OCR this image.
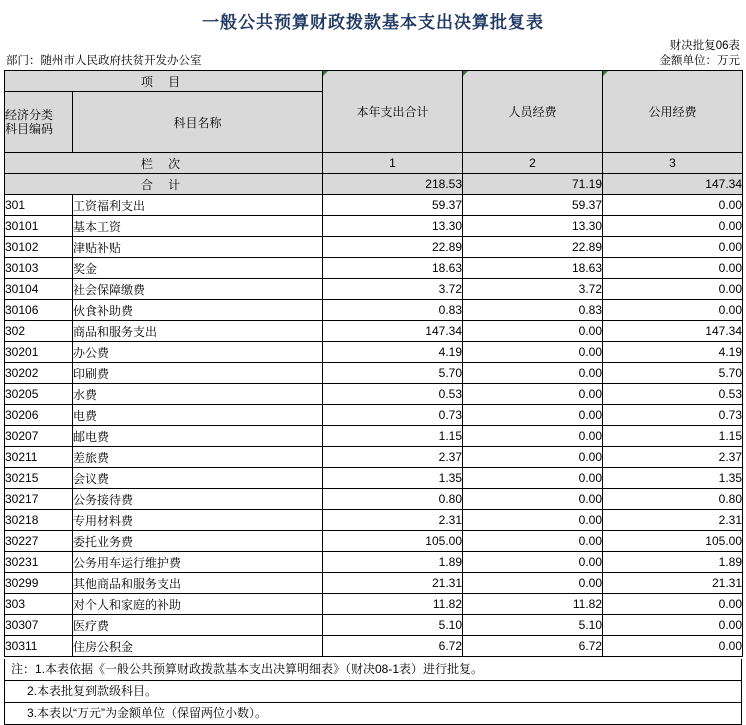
一般公共预算财政拨款基本支出决算批复表
财决批复06表
金额单位：万元
部门：随州市人民政府扶贫开发办公室
项 目		本年支出合计	人员经费	公用经费

经济分类
科目编码	科目名称			
栏 次		1	2	3
合 计		218.53	71.19	147.34
301	工资福利支出	59.37	59.37	0.00
30101	基本工资	13.30	13.30	0.00
30102	津贴补贴	22.89	22.89	0.00
30103	奖金	18.63	18.63	0.00
30104	社会保障缴费	3.72	3.72	0.00
30106	伙食补助费	0.83	0.83	0.00
302	商品和服务支出	147.34	0.00	147.34
30201	办公费	4.19	0.00	4.19
30202	印刷费	5.70	0.00	5.70
30205	水费	0.53	0.00	0.53
30206	电费	0.73	0.00	0.73
30207	邮电费	1.15	0.00	1.15
30211	差旅费	2.37	0.00	2.37
30215	会议费	1.35	0.00	1.35
30217	公务接待费	0.80	0.00	0.80
30218	专用材料费	2.31	0.00	2.31
30227	委托业务费	105.00	0.00	105.00
30231	公务用车运行维护费	1.89	0.00	1.89
30299	其他商品和服务支出	21.31	0.00	21.31
303	对个人和家庭的补助	11.82	11.82	0.00
30307	医疗费	5.10	5.10	0.00
30311	住房公积金	6.72	6.72	0.00
注：1.本表依据《一般公共预算财政拨款基本支出决算明细表》（财决08-1表）进行批复。
2.本表批复到款级科目。
3.本表以“万元”为金额单位（保留两位小数）。
